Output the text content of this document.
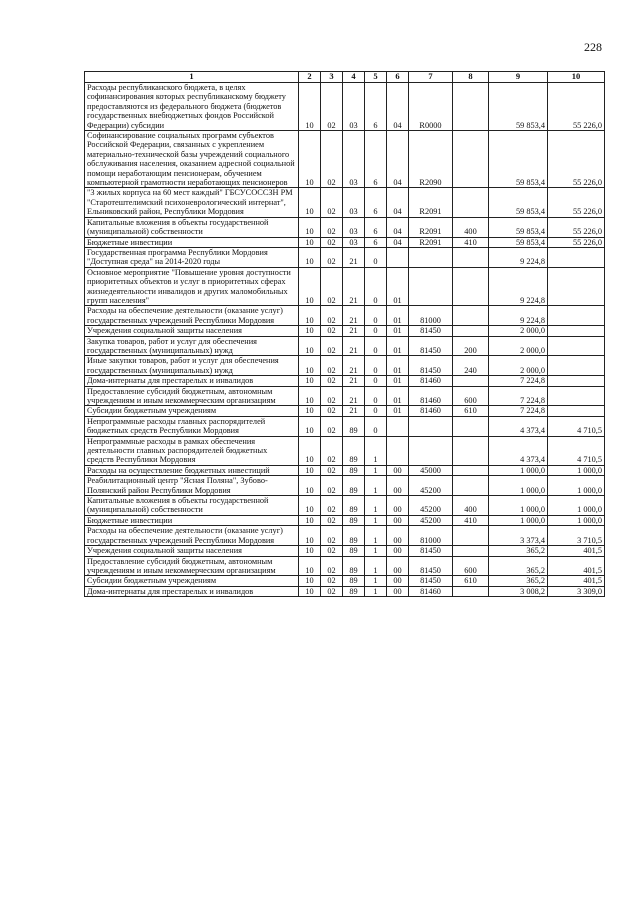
228
1	2	3	4	5	6	7	8	9	10
Расходы республиканского бюджета, в целях софинансирования которых республиканскому бюджету предоставляются из федерального бюджета (бюджетов государственных внебюджетных фондов Российской Федерации) субсидии	10	02	03	6	04	R0000		59 853,4	55 226,0
Софинансирование социальных программ субъектов Российской Федерации, связанных с укреплением материально-технической базы учреждений социального обслуживания населения, оказанием адресной социальной помощи неработающим пенсионерам, обучением компьютерной грамотности неработающих пенсионеров	10	02	03	6	04	R2090		59 853,4	55 226,0
"3 жилых корпуса на 60 мест каждый" ГБСУСОССЗН РМ "Старотештелимский психоневрологический интернат", Ельниковский район, Республики Мордовия	10	02	03	6	04	R2091		59 853,4	55 226,0
Капитальные вложения в объекты государственной (муниципальной) собственности	10	02	03	6	04	R2091	400	59 853,4	55 226,0
Бюджетные инвестиции	10	02	03	6	04	R2091	410	59 853,4	55 226,0
Государственная программа Республики Мордовия "Доступная среда" на 2014-2020 годы	10	02	21	0				9 224,8	
Основное мероприятие "Повышение уровня доступности приоритетных объектов и услуг в приоритетных сферах жизнедеятельности инвалидов и других маломобильных групп населения"	10	02	21	0	01			9 224,8	
Расходы на обеспечение деятельности (оказание услуг) государственных учреждений Республики Мордовия	10	02	21	0	01	81000		9 224,8	
Учреждения социальной защиты населения	10	02	21	0	01	81450		2 000,0	
Закупка товаров, работ и услуг для обеспечения государственных (муниципальных) нужд	10	02	21	0	01	81450	200	2 000,0	
Иные закупки товаров, работ и услуг для обеспечения государственных (муниципальных) нужд	10	02	21	0	01	81450	240	2 000,0	
Дома-интернаты для престарелых и инвалидов	10	02	21	0	01	81460		7 224,8	
Предоставление субсидий бюджетным, автономным учреждениям и иным некоммерческим организациям	10	02	21	0	01	81460	600	7 224,8	
Субсидии бюджетным учреждениям	10	02	21	0	01	81460	610	7 224,8	
Непрограммные расходы главных распорядителей бюджетных средств Республики Мордовия	10	02	89	0				4 373,4	4 710,5
Непрограммные расходы в рамках обеспечения деятельности главных распорядителей бюджетных средств Республики Мордовия	10	02	89	1				4 373,4	4 710,5
Расходы на осуществление бюджетных инвестиций	10	02	89	1	00	45000		1 000,0	1 000,0
Реабилитационный центр "Ясная Поляна", Зубово-Полянский район Республики Мордовия	10	02	89	1	00	45200		1 000,0	1 000,0
Капитальные вложения в объекты государственной (муниципальной) собственности	10	02	89	1	00	45200	400	1 000,0	1 000,0
Бюджетные инвестиции	10	02	89	1	00	45200	410	1 000,0	1 000,0
Расходы на обеспечение деятельности (оказание услуг) государственных учреждений Республики Мордовия	10	02	89	1	00	81000		3 373,4	3 710,5
Учреждения социальной защиты населения	10	02	89	1	00	81450		365,2	401,5
Предоставление субсидий бюджетным, автономным учреждениям и иным некоммерческим организациям	10	02	89	1	00	81450	600	365,2	401,5
Субсидии бюджетным учреждениям	10	02	89	1	00	81450	610	365,2	401,5
Дома-интернаты для престарелых и инвалидов	10	02	89	1	00	81460		3 008,2	3 309,0
